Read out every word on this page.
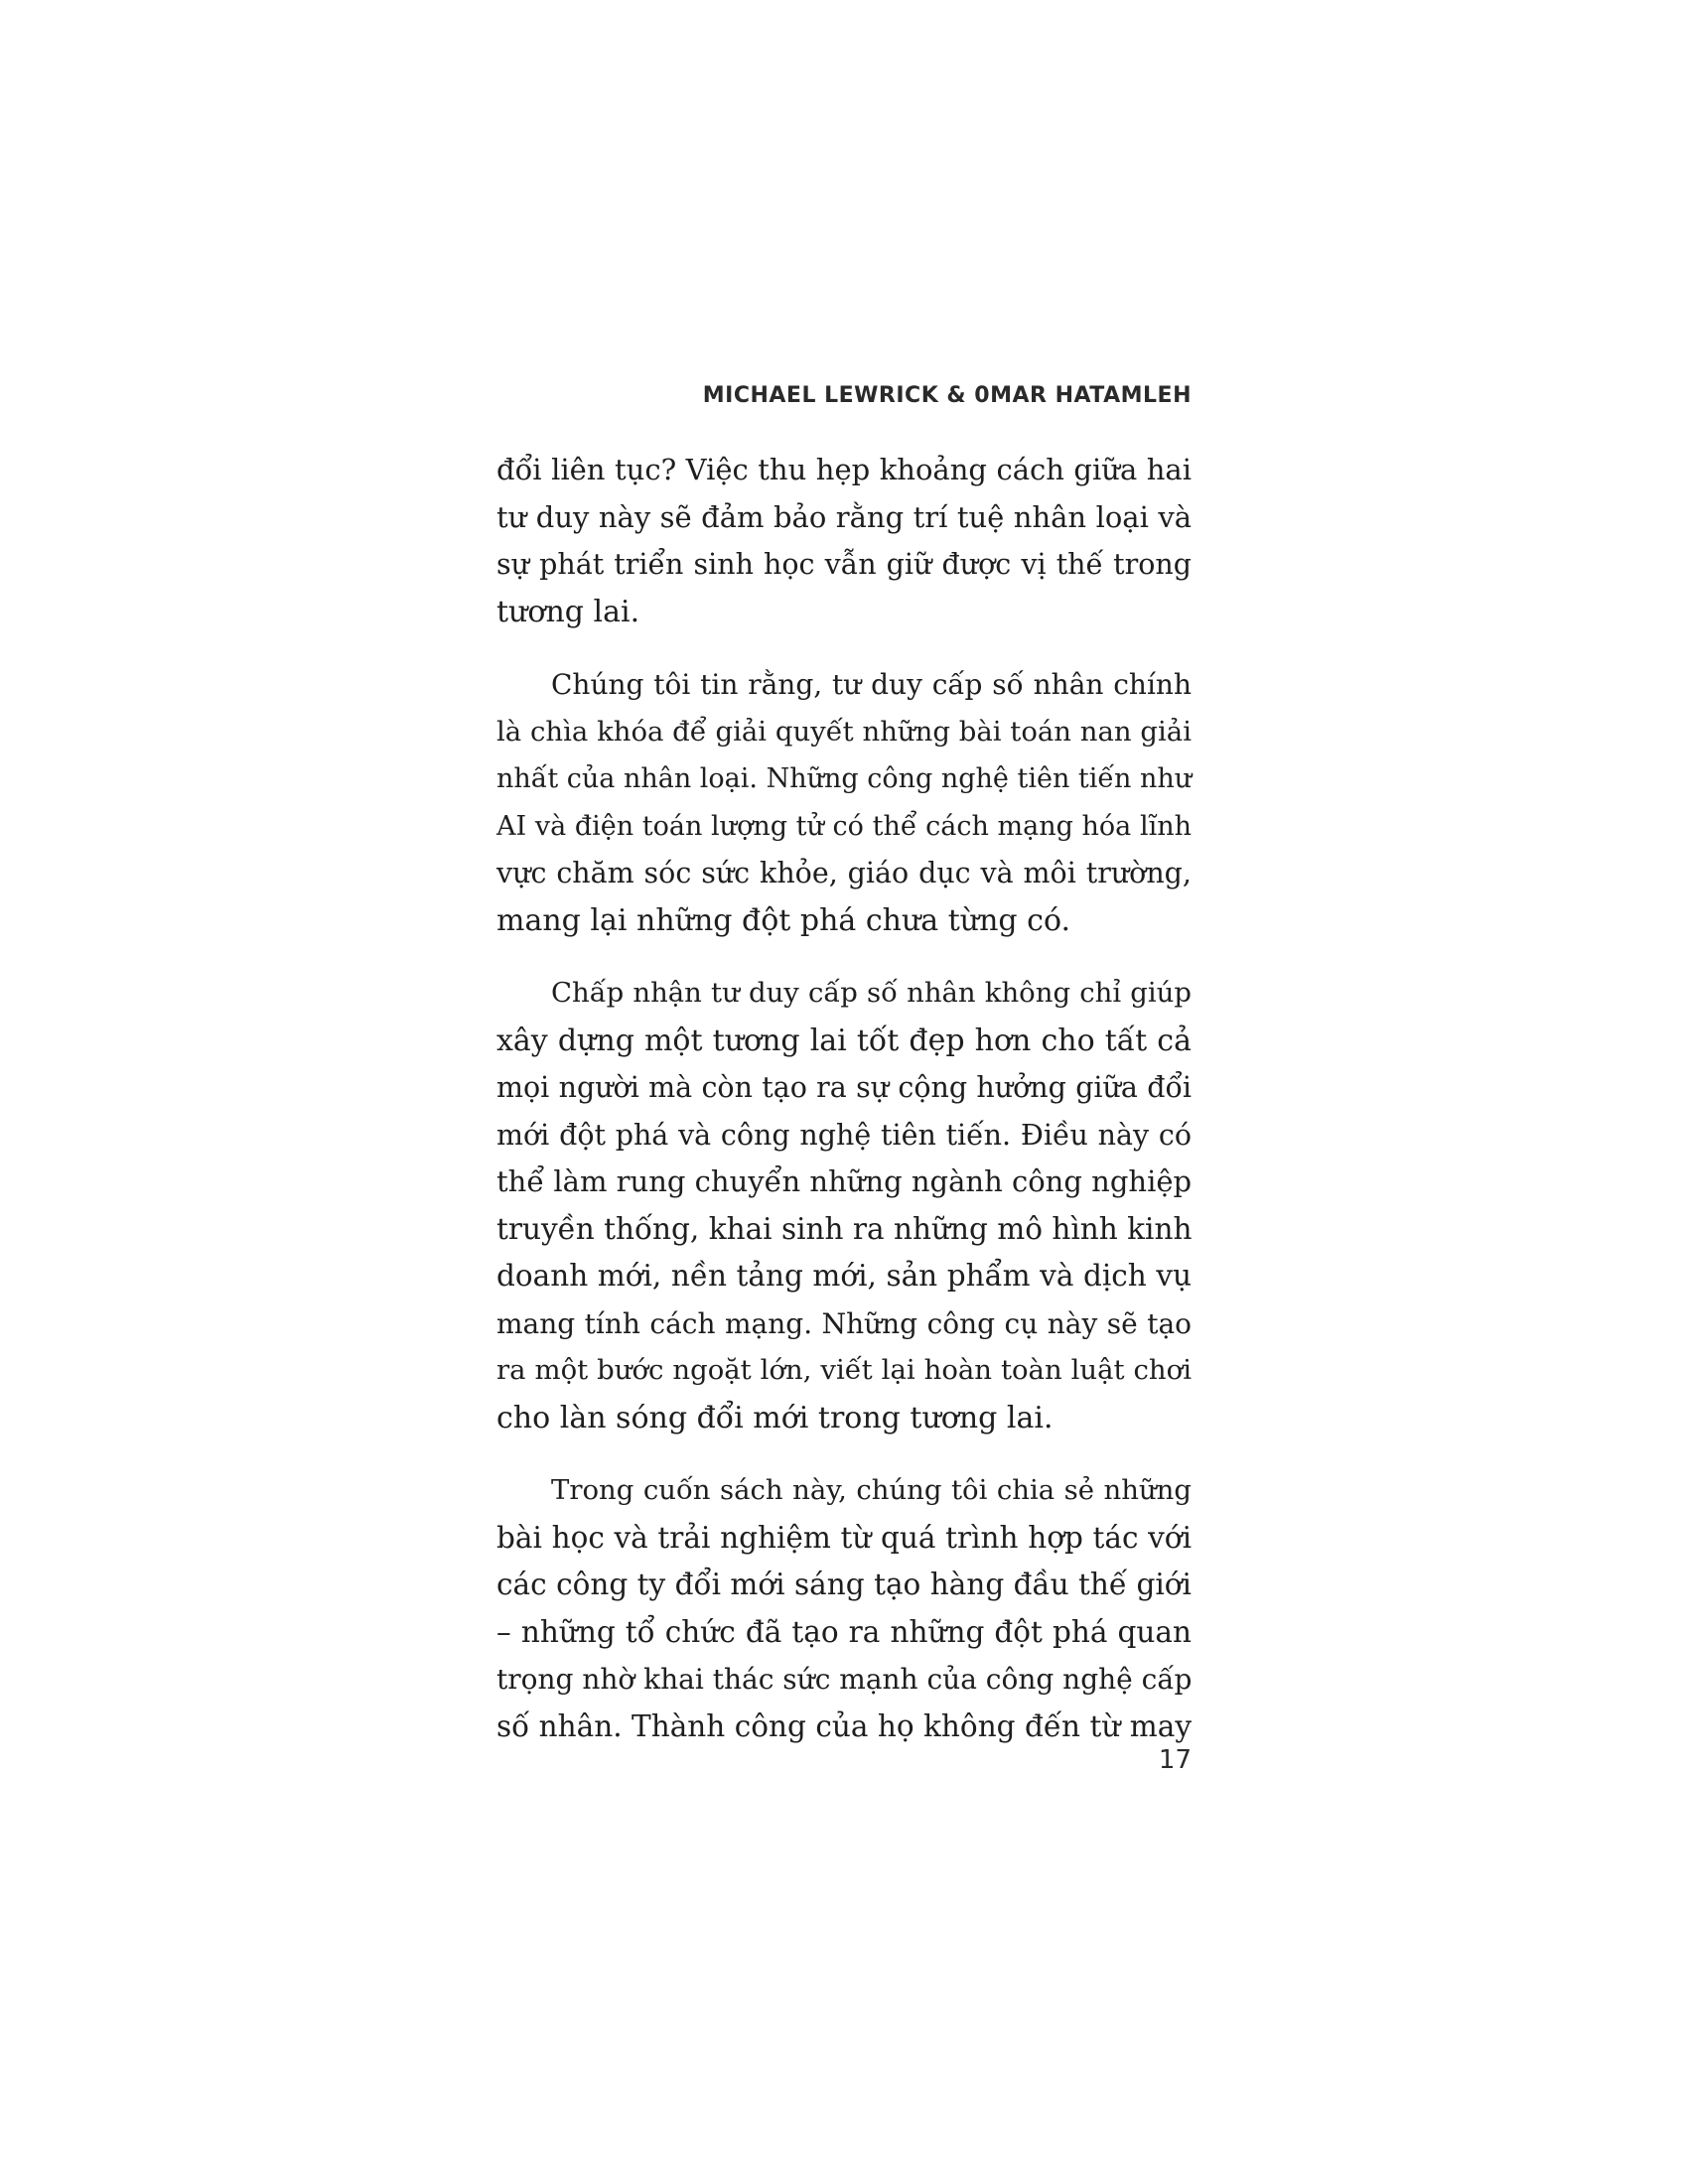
MICHAEL LEWRICK & 0MAR HATAMLEH
đổi liên tục? Việc thu hẹp khoảng cách giữa hai
tư duy này sẽ đảm bảo rằng trí tuệ nhân loại và
sự phát triển sinh học vẫn giữ được vị thế trong
tương lai.
Chúng tôi tin rằng, tư duy cấp số nhân chính
là chìa khóa để giải quyết những bài toán nan giải
nhất của nhân loại. Những công nghệ tiên tiến như
AI và điện toán lượng tử có thể cách mạng hóa lĩnh
vực chăm sóc sức khỏe, giáo dục và môi trường,
mang lại những đột phá chưa từng có.
Chấp nhận tư duy cấp số nhân không chỉ giúp
xây dựng một tương lai tốt đẹp hơn cho tất cả
mọi người mà còn tạo ra sự cộng hưởng giữa đổi
mới đột phá và công nghệ tiên tiến. Điều này có
thể làm rung chuyển những ngành công nghiệp
truyền thống, khai sinh ra những mô hình kinh
doanh mới, nền tảng mới, sản phẩm và dịch vụ
mang tính cách mạng. Những công cụ này sẽ tạo
ra một bước ngoặt lớn, viết lại hoàn toàn luật chơi
cho làn sóng đổi mới trong tương lai.
Trong cuốn sách này, chúng tôi chia sẻ những
bài học và trải nghiệm từ quá trình hợp tác với
các công ty đổi mới sáng tạo hàng đầu thế giới
– những tổ chức đã tạo ra những đột phá quan
trọng nhờ khai thác sức mạnh của công nghệ cấp
số nhân. Thành công của họ không đến từ may
17
